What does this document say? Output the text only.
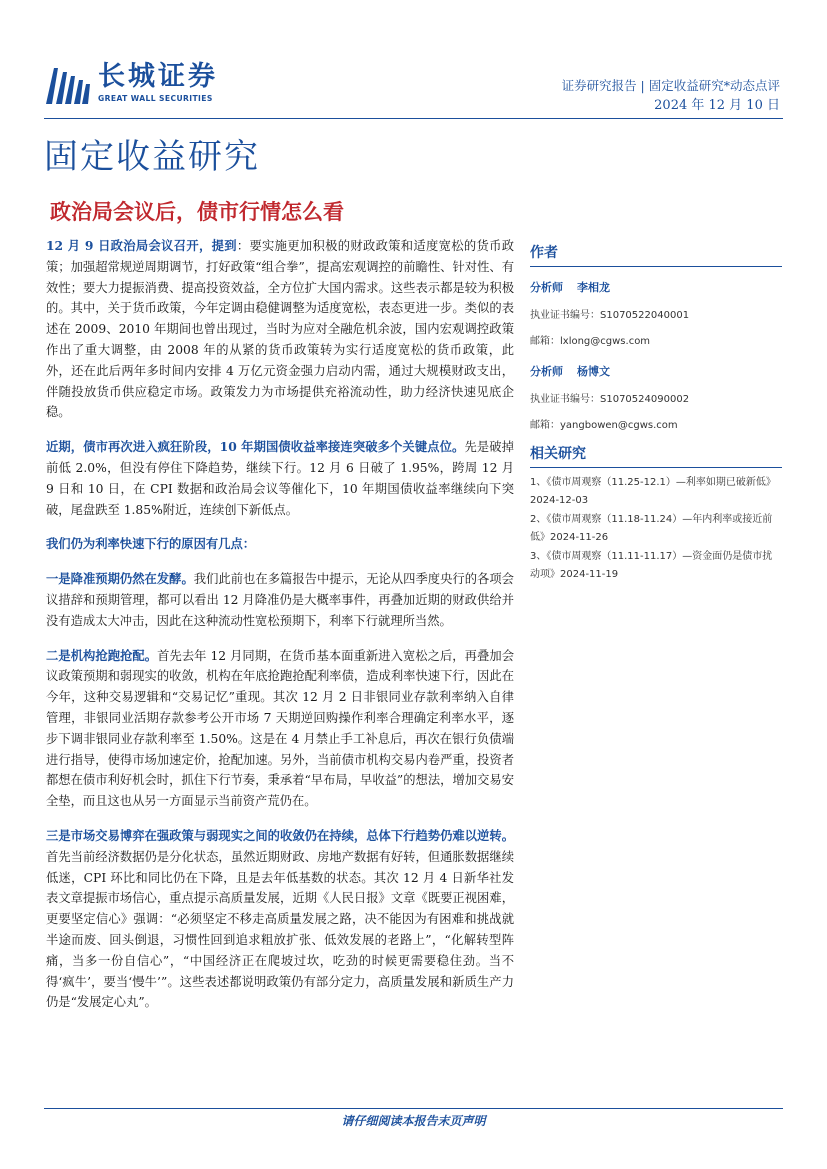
长城证券
GREAT WALL SECURITIES
证券研究报告 | 固定收益研究*动态点评
2024 年 12 月 10 日
固定收益研究
政治局会议后，债市行情怎么看

12 月 9 日政治局会议召开，提到：要实施更加积极的财政政策和适度宽松的货币政策；加强超常规逆周期调节，打好政策“组合拳”，提高宏观调控的前瞻性、针对性、有效性；要大力提振消费、提高投资效益，全方位扩大国内需求。这些表示都是较为积极的。其中，关于货币政策，今年定调由稳健调整为适度宽松，表态更进一步。类似的表述在 2009、2010 年期间也曾出现过，当时为应对全融危机余波，国内宏观调控政策作出了重大调整，由 2008 年的从紧的货币政策转为实行适度宽松的货币政策，此外，还在此后两年多时间内安排 4 万亿元资金强力启动内需，通过大规模财政支出，伴随投放货币供应稳定市场。政策发力为市场提供充裕流动性，助力经济快速见底企稳。

近期，债市再次进入疯狂阶段，10 年期国债收益率接连突破多个关键点位。先是破掉前低 2.0%，但没有停住下降趋势，继续下行。12 月 6 日破了 1.95%，跨周 12 月 9 日和 10 日，在 CPI 数据和政治局会议等催化下，10 年期国债收益率继续向下突破，尾盘跌至 1.85%附近，连续创下新低点。

我们仍为利率快速下行的原因有几点：

一是降准预期仍然在发酵。我们此前也在多篇报告中提示，无论从四季度央行的各项会议措辞和预期管理，都可以看出 12 月降准仍是大概率事件，再叠加近期的财政供给并没有造成太大冲击，因此在这种流动性宽松预期下，利率下行就理所当然。

二是机构抢跑抢配。首先去年 12 月同期，在货币基本面重新进入宽松之后，再叠加会议政策预期和弱现实的收敛，机构在年底抢跑抢配利率债，造成利率快速下行，因此在今年，这种交易逻辑和“交易记忆”重现。其次 12 月 2 日非银同业存款利率纳入自律管理，非银同业活期存款参考公开市场 7 天期逆回购操作利率合理确定利率水平，逐步下调非银同业存款利率至 1.50%。这是在 4 月禁止手工补息后，再次在银行负债端进行指导，使得市场加速定价，抢配加速。另外，当前债市机构交易内卷严重，投资者都想在债市利好机会时，抓住下行节奏，秉承着“早布局，早收益”的想法，增加交易安全垫，而且这也从另一方面显示当前资产荒仍在。

三是市场交易博弈在强政策与弱现实之间的收敛仍在持续，总体下行趋势仍难以逆转。首先当前经济数据仍是分化状态，虽然近期财政、房地产数据有好转，但通胀数据继续低迷，CPI 环比和同比仍在下降，且是去年低基数的状态。其次 12 月 4 日新华社发表文章提振市场信心，重点提示高质量发展，近期《人民日报》文章《既要正视困难，更要坚定信心》强调：“必须坚定不移走高质量发展之路，决不能因为有困难和挑战就半途而废、回头倒退，习惯性回到追求粗放扩张、低效发展的老路上”，“化解转型阵痛，当多一份自信心”，“中国经济正在爬坡过坎，吃劲的时候更需要稳住劲。当不得‘疯牛’，要当‘慢牛’”。这些表述都说明政策仍有部分定力，高质量发展和新质生产力仍是“发展定心丸”。

作者
分析师 李相龙
执业证书编号：S1070522040001
邮箱：lxlong@cgws.com
分析师 杨博文
执业证书编号：S1070524090002
邮箱：yangbowen@cgws.com
相关研究
1、《债市周观察（11.25-12.1）—利率如期已破新低》 2024-12-03
2、《债市周观察（11.18-11.24）—年内利率或接近前低》2024-11-26
3、《债市周观察（11.11-11.17）—资金面仍是债市扰动项》2024-11-19
请仔细阅读本报告末页声明
